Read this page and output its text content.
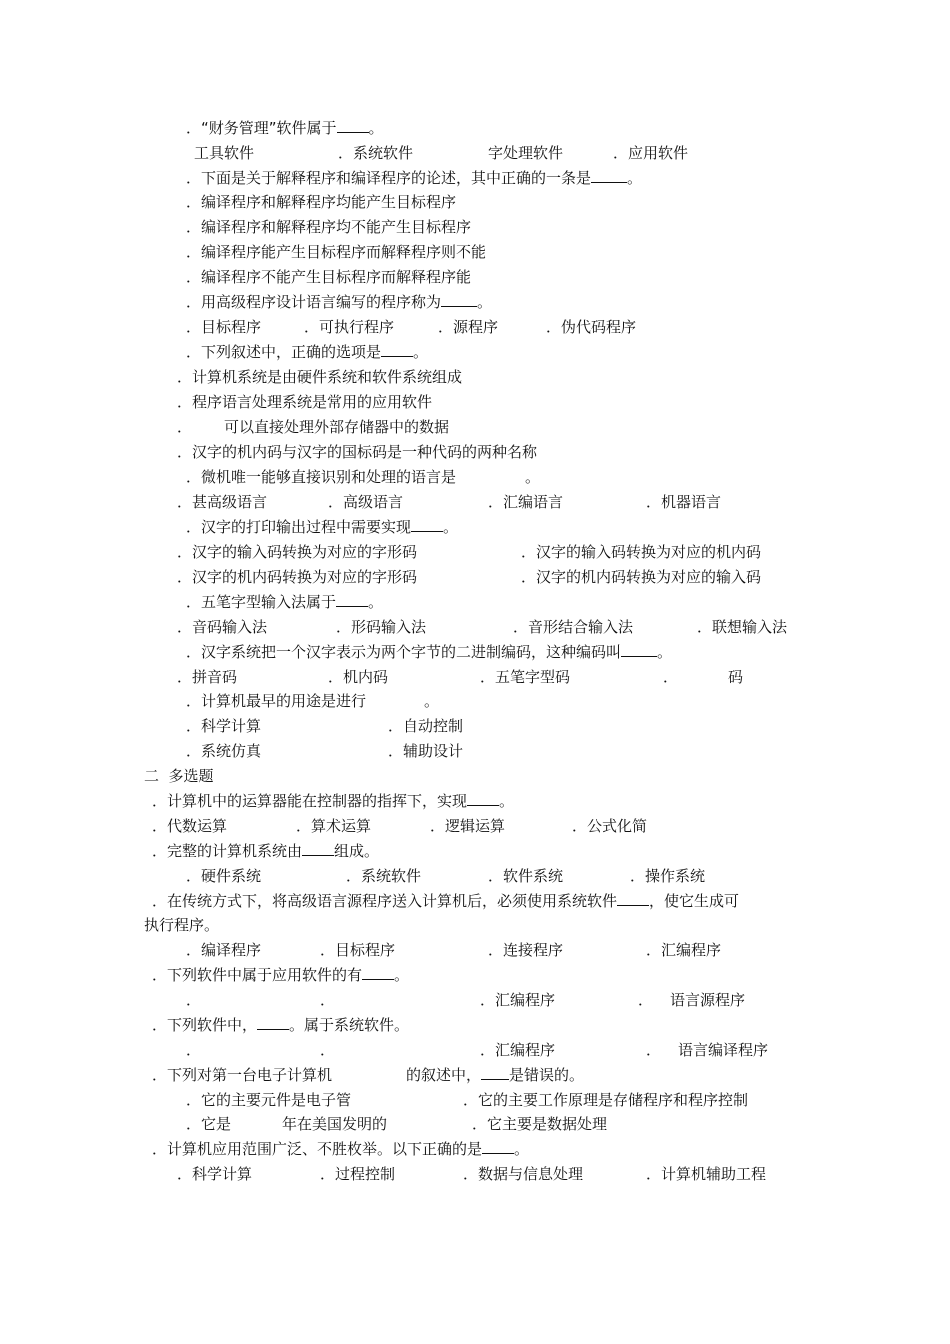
．“财务管理”软件属于 。
工具软件	．系统软件	字处理软件	．应用软件
．下面是关于解释程序和编译程序的论述，其中正确的一条是 。
．编译程序和解释程序均能产生目标程序
．编译程序和解释程序均不能产生目标程序
．编译程序能产生目标程序而解释程序则不能
．编译程序不能产生目标程序而解释程序能
．用高级程序设计语言编写的程序称为 。
．目标程序	．可执行程序	．源程序	．伪代码程序
．下列叙述中，正确的选项是 。
．计算机系统是由硬件系统和软件系统组成
．程序语言处理系统是常用的应用软件
． 可以直接处理外部存储器中的数据
．汉字的机内码与汉字的国标码是一种代码的两种名称
．微机唯一能够直接识别和处理的语言是	。
．甚高级语言	．高级语言	．汇编语言	．机器语言
．汉字的打印输出过程中需要实现 。
．汉字的输入码转换为对应的字形码	．汉字的输入码转换为对应的机内码
．汉字的机内码转换为对应的字形码	．汉字的机内码转换为对应的输入码
．五笔字型输入法属于 。
．音码输入法	．形码输入法	．音形结合输入法	．联想输入法
．汉字系统把一个汉字表示为两个字节的二进制编码，这种编码叫 。
．拼音码	．机内码	．五笔字型码	．	码
．计算机最早的用途是进行	。
．科学计算	．自动控制
．系统仿真	．辅助设计
二  多选题
．计算机中的运算器能在控制器的指挥下，实现 。
．代数运算	．算术运算	．逻辑运算	．公式化简
．完整的计算机系统由 组成。
．硬件系统	．系统软件	．软件系统	．操作系统
．在传统方式下，将高级语言源程序送入计算机后，必须使用系统软件 ，使它生成可
执行程序。
．编译程序	．目标程序	．连接程序	．汇编程序
．下列软件中属于应用软件的有 。
．	．	．汇编程序	． 语言源程序
．下列软件中， 。属于系统软件。
．	．	．汇编程序	． 语言编译程序
．下列对第一台电子计算机	的叙述中， 是错误的。
．它的主要元件是电子管	．它的主要工作原理是存储程序和程序控制
．它是	年在美国发明的	．它主要是数据处理
．计算机应用范围广泛、不胜枚举。以下正确的是 。
．科学计算	．过程控制	．数据与信息处理	．计算机辅助工程
